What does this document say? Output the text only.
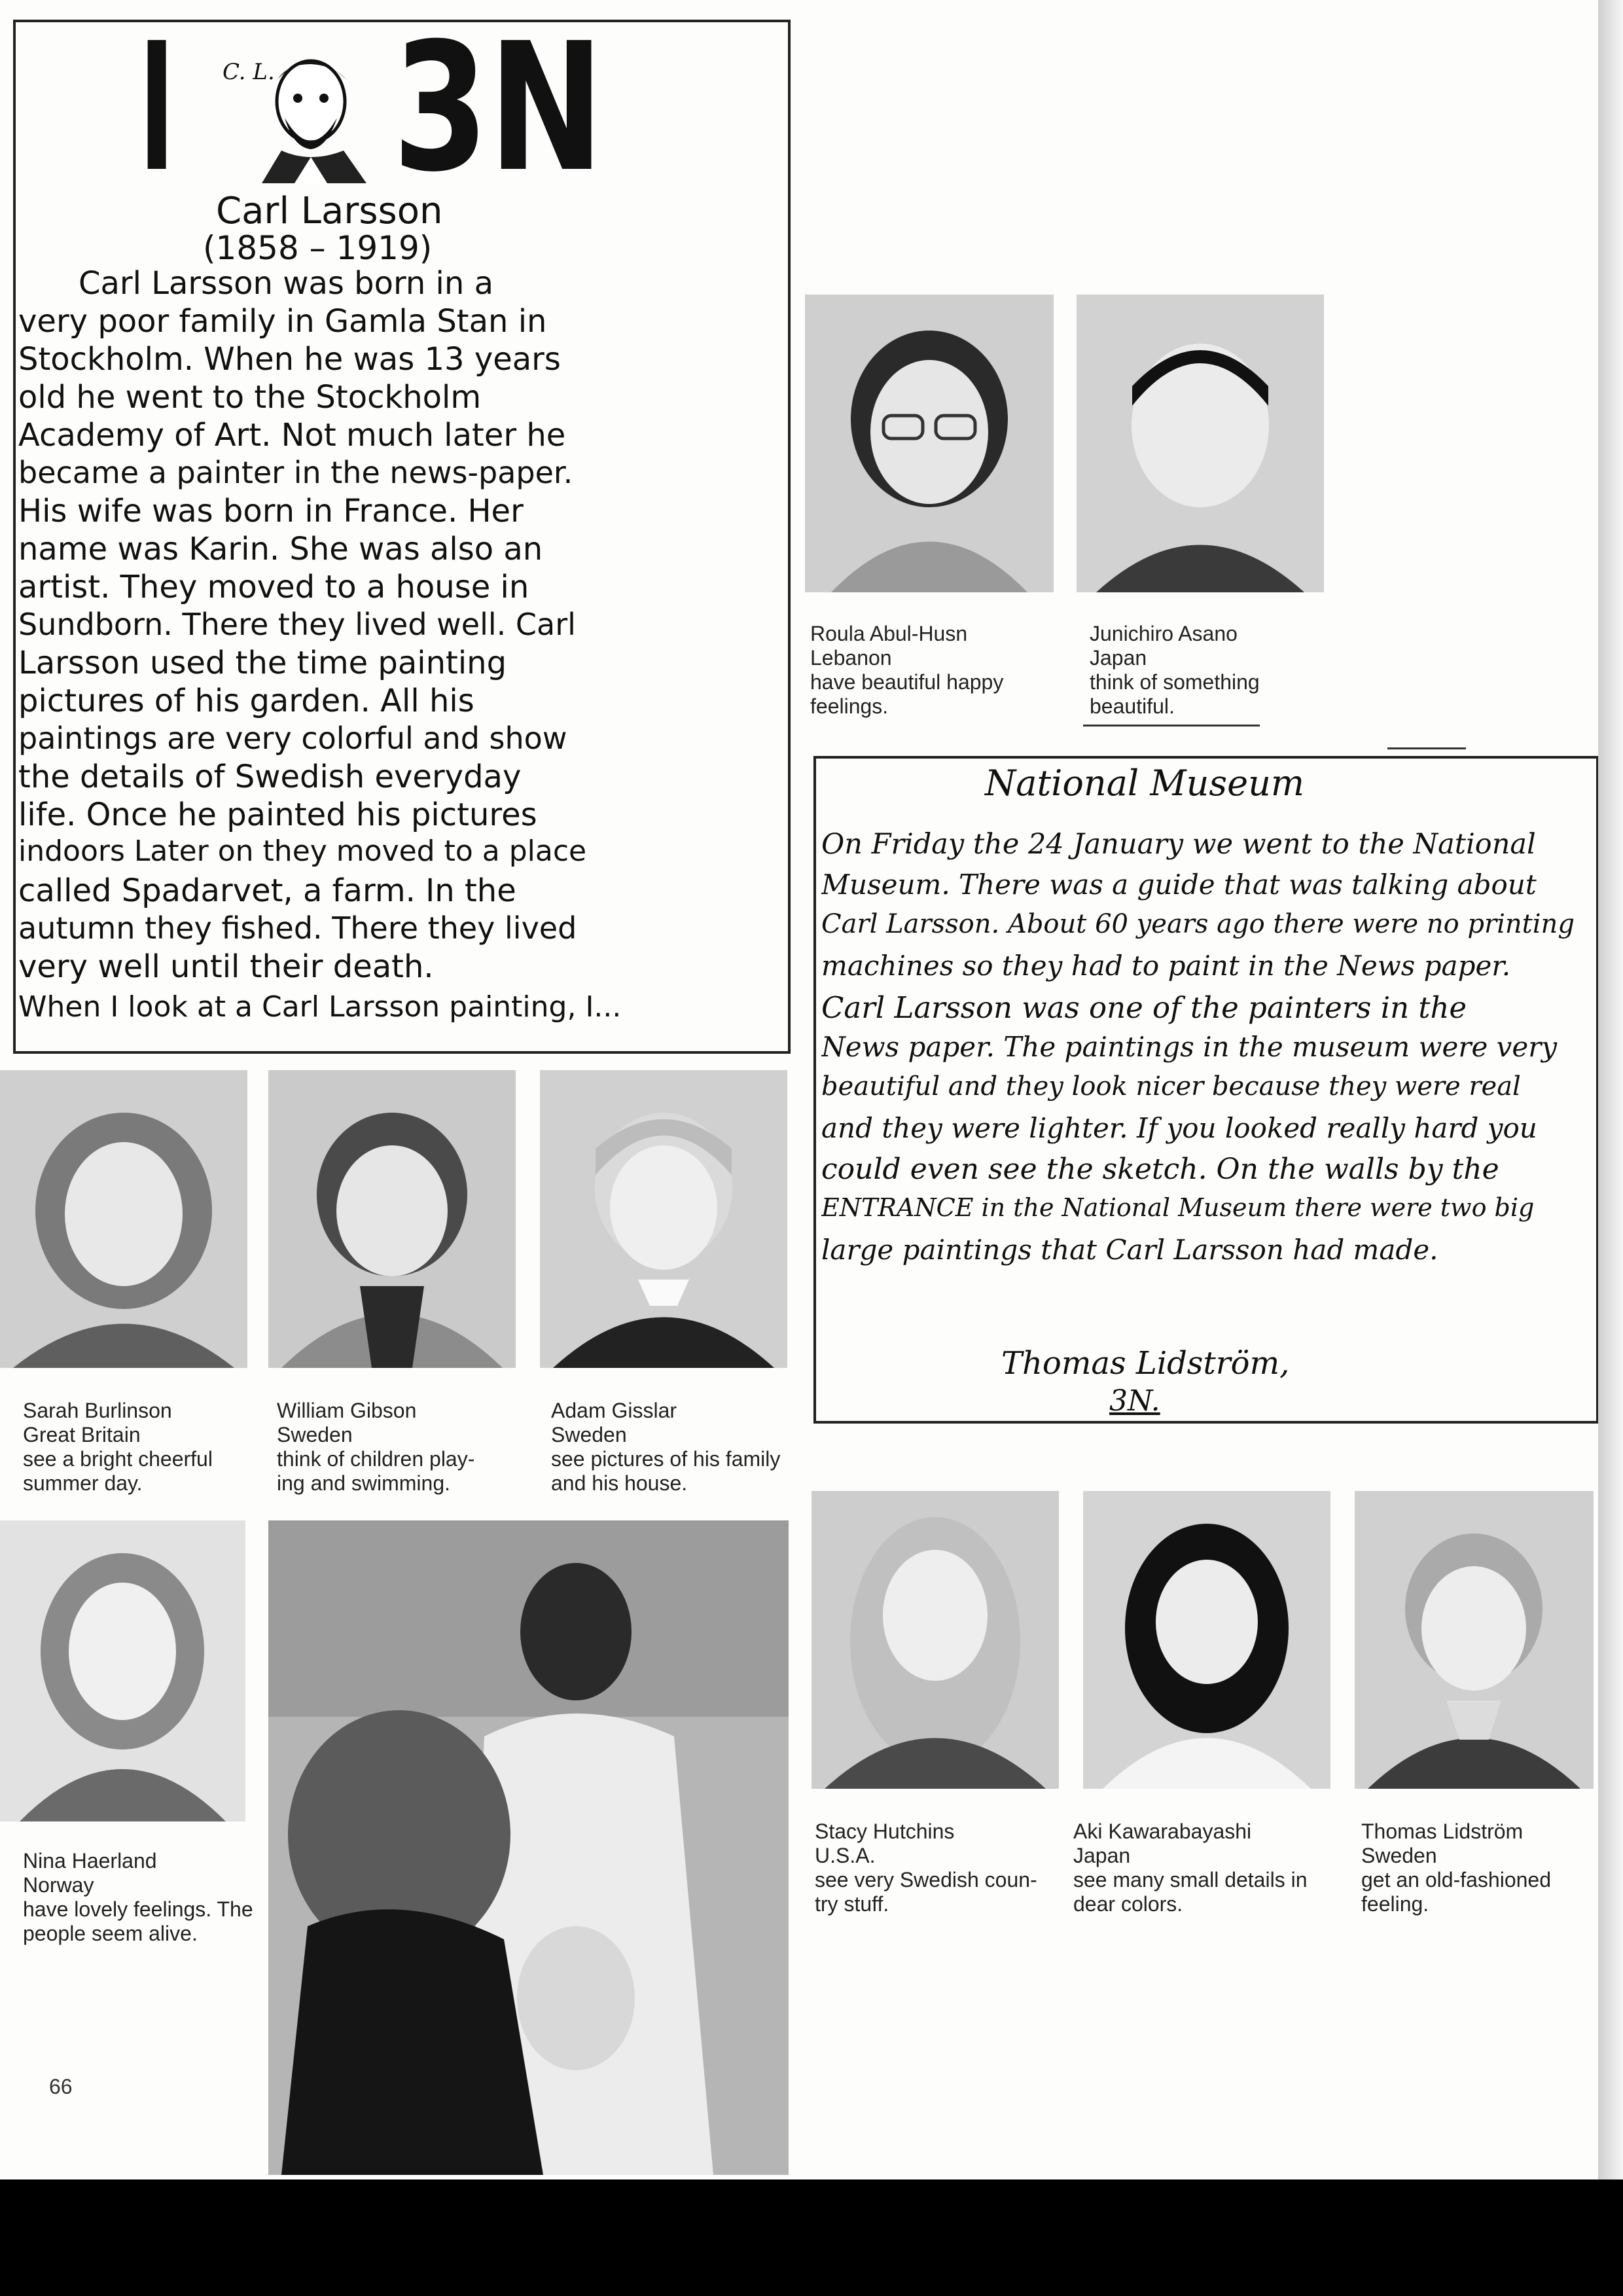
I 3N
C. L.
Carl Larsson
(1858 – 1919)
Carl Larsson was born in a
very poor family in Gamla Stan in
Stockholm. When he was 13 years
old he went to the Stockholm
Academy of Art. Not much later he
became a painter in the news-paper.
His wife was born in France. Her
name was Karin. She was also an
artist. They moved to a house in
Sundborn. There they lived well. Carl
Larsson used the time painting
pictures of his garden. All his
paintings are very colorful and show
the details of Swedish everyday
life. Once he painted his pictures
indoors Later on they moved to a place
called Spadarvet, a farm. In the
autumn they fished. There they lived
very well until their death.
When I look at a Carl Larsson painting, I...
Roula Abul-Husn
Lebanon
have beautiful happy
feelings.
Junichiro Asano
Japan
think of something
beautiful.
National Museum
On Friday the 24 January we went to the National
Museum. There was a guide that was talking about
Carl Larsson. About 60 years ago there were no printing
machines so they had to paint in the News paper.
Carl Larsson was one of the painters in the
News paper. The paintings in the museum were very
beautiful and they look nicer because they were real
and they were lighter. If you looked really hard you
could even see the sketch. On the walls by the
ENTRANCE in the National Museum there were two big
large paintings that Carl Larsson had made.
Thomas Lidström,
3N.
Sarah Burlinson
Great Britain
see a bright cheerful
summer day.
William Gibson
Sweden
think of children play-
ing and swimming.
Adam Gisslar
Sweden
see pictures of his family
and his house.
Nina Haerland
Norway
have lovely feelings. The
people seem alive.
Stacy Hutchins
U.S.A.
see very Swedish coun-
try stuff.
Aki Kawarabayashi
Japan
see many small details in
dear colors.
Thomas Lidström
Sweden
get an old-fashioned
feeling.
66
